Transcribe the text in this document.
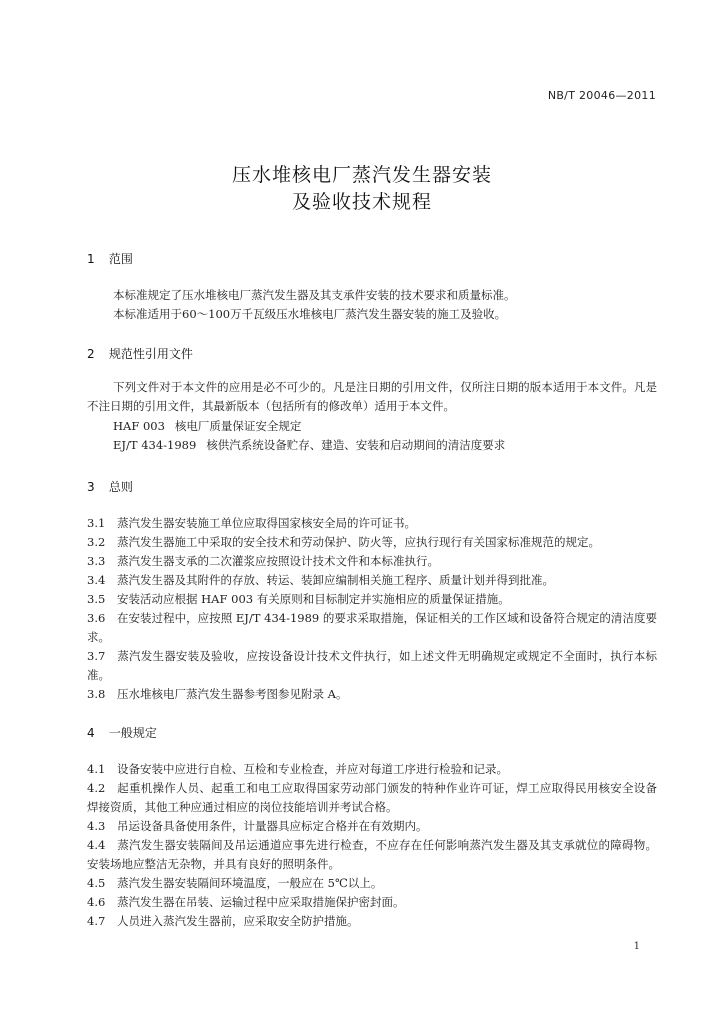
NB/T 20046—2011
压水堆核电厂蒸汽发生器安装
及验收技术规程
1 范围
本标准规定了压水堆核电厂蒸汽发生器及其支承件安装的技术要求和质量标准。
本标准适用于60～100万千瓦级压水堆核电厂蒸汽发生器安装的施工及验收。
2 规范性引用文件
下列文件对于本文件的应用是必不可少的。凡是注日期的引用文件，仅所注日期的版本适用于本文件。凡是不注日期的引用文件，其最新版本（包括所有的修改单）适用于本文件。
HAF 003 核电厂质量保证安全规定
EJ/T 434-1989 核供汽系统设备贮存、建造、安装和启动期间的清洁度要求
3 总则
3.1 蒸汽发生器安装施工单位应取得国家核安全局的许可证书。
3.2 蒸汽发生器施工中采取的安全技术和劳动保护、防火等，应执行现行有关国家标准规范的规定。
3.3 蒸汽发生器支承的二次灌浆应按照设计技术文件和本标准执行。
3.4 蒸汽发生器及其附件的存放、转运、装卸应编制相关施工程序、质量计划并得到批准。
3.5 安装活动应根据 HAF 003 有关原则和目标制定并实施相应的质量保证措施。
3.6 在安装过程中，应按照 EJ/T 434-1989 的要求采取措施，保证相关的工作区域和设备符合规定的清洁度要求。
3.7 蒸汽发生器安装及验收，应按设备设计技术文件执行，如上述文件无明确规定或规定不全面时，执行本标准。
3.8 压水堆核电厂蒸汽发生器参考图参见附录 A。
4 一般规定
4.1 设备安装中应进行自检、互检和专业检查，并应对每道工序进行检验和记录。
4.2 起重机操作人员、起重工和电工应取得国家劳动部门颁发的特种作业许可证，焊工应取得民用核安全设备焊接资质，其他工种应通过相应的岗位技能培训并考试合格。
4.3 吊运设备具备使用条件，计量器具应标定合格并在有效期内。
4.4 蒸汽发生器安装隔间及吊运通道应事先进行检查，不应存在任何影响蒸汽发生器及其支承就位的障碍物。安装场地应整洁无杂物，并具有良好的照明条件。
4.5 蒸汽发生器安装隔间环境温度，一般应在 5℃以上。
4.6 蒸汽发生器在吊装、运输过程中应采取措施保护密封面。
4.7 人员进入蒸汽发生器前，应采取安全防护措施。
1
